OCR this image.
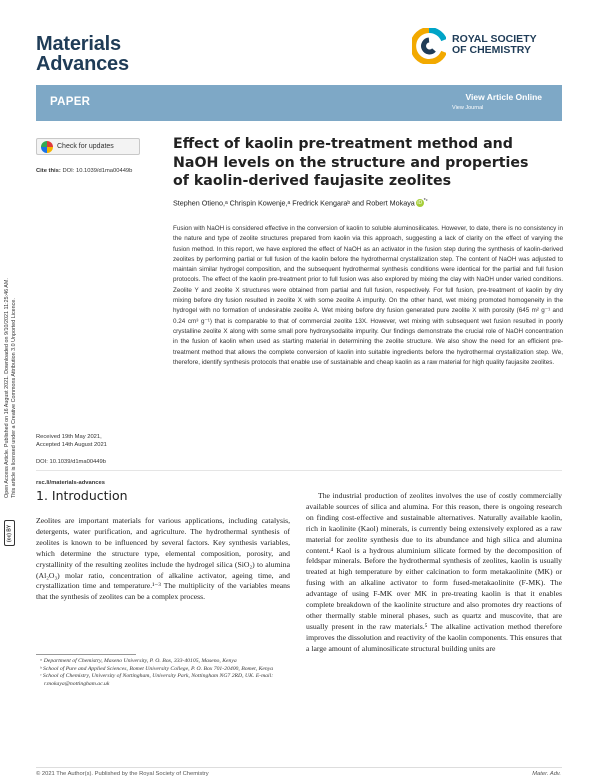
Materials
Advances
ROYAL SOCIETY
OF CHEMISTRY
PAPER	View Article Online
View Journal
Check for updates
Cite this: DOI: 10.1039/d1ma00449b
Received 19th May 2021,
Accepted 14th August 2021
DOI: 10.1039/d1ma00449b
rsc.li/materials-advances
Open Access Article. Published on 16 August 2021. Downloaded on 9/10/2021 11:25:46 AM. This article is licensed under a Creative Commons Attribution 3.0 Unported Licence.
(cc) BY
Effect of kaolin pre-treatment method and NaOH levels on the structure and properties of kaolin-derived faujasite zeolites
Stephen Otieno,ᵃ Chrispin Kowenje,ᵃ Fredrick Kengaraᵇ and Robert Mokaya iD $^{*ᶜ}$
Fusion with NaOH is considered effective in the conversion of kaolin to soluble aluminosilicates. However, to date, there is no consistency in the nature and type of zeolite structures prepared from kaolin via this approach, suggesting a lack of clarity on the effect of varying the fusion method. In this report, we have explored the effect of NaOH as an activator in the fusion step during the synthesis of kaolin-derived zeolites by performing partial or full fusion of the kaolin before the hydrothermal crystallization step. The content of NaOH was adjusted to maintain similar hydrogel composition, and the subsequent hydrothermal synthesis conditions were identical for the partial and full fusion protocols. The effect of the kaolin pre-treatment prior to full fusion was also explored by mixing the clay with NaOH under varied conditions. Zeolite Y and zeolite X structures were obtained from partial and full fusion, respectively. For full fusion, pre-treatment of kaolin by dry mixing before dry fusion resulted in zeolite X with some zeolite A impurity. On the other hand, wet mixing promoted homogeneity in the hydrogel with no formation of undesirable zeolite A. Wet mixing before dry fusion generated pure zeolite X with porosity (645 m² g⁻¹ and 0.24 cm³ g⁻¹) that is comparable to that of commercial zeolite 13X. However, wet mixing with subsequent wet fusion resulted in poorly crystalline zeolite X along with some small pore hydroxysodalite impurity. Our findings demonstrate the crucial role of NaOH concentration in the fusion of kaolin when used as starting material in determining the zeolite structure. We also show the need for an efficient pre-treatment method that allows the complete conversion of kaolin into suitable ingredients before the hydrothermal crystallization step. We, therefore, identify synthesis protocols that enable use of sustainable and cheap kaolin as a raw material for high quality faujasite zeolites.
1. Introduction
Zeolites are important materials for various applications, including catalysis, detergents, water purification, and agriculture. The hydrothermal synthesis of zeolites is known to be influenced by several factors. Key synthesis variables, which determine the structure type, elemental composition, porosity, and crystallinity of the resulting zeolites include the hydrogel silica (SiO₂) to alumina (Al₂O₃) molar ratio, concentration of alkaline activator, ageing time, and crystallization time and temperature.¹⁻³ The multiplicity of the variables means that the synthesis of zeolites can be a complex process.
The industrial production of zeolites involves the use of costly commercially available sources of silica and alumina. For this reason, there is ongoing research on finding cost-effective and sustainable alternatives. Naturally available kaolin, rich in kaolinite (Kaol) minerals, is currently being extensively explored as a raw material for zeolite synthesis due to its abundance and high silica and alumina content.⁴ Kaol is a hydrous aluminium silicate formed by the decomposition of feldspar minerals. Before the hydrothermal synthesis of zeolites, kaolin is usually treated at high temperature by either calcination to form metakaolinite (MK) or fusing with an alkaline activator to form fused-metakaolinite (F-MK). The advantage of using F-MK over MK in pre-treating kaolin is that it enables complete breakdown of the kaolinite structure and also promotes dry reactions of other thermally stable mineral phases, such as quartz and muscovite, that are usually present in the raw materials.⁵ The alkaline activation method therefore improves the dissolution and reactivity of the kaolin components. This ensures that a large amount of aluminosilicate structural building units are
ᵃ Department of Chemistry, Maseno University, P. O. Box, 333-40105, Maseno, Kenya
ᵇ School of Pure and Applied Sciences, Bomet University College, P. O. Box 701-20400, Bomet, Kenya
ᶜ School of Chemistry, University of Nottingham, University Park, Nottingham NG7 2RD, UK. E-mail: r.mokaya@nottingham.ac.uk
© 2021 The Author(s). Published by the Royal Society of Chemistry	Mater. Adv.
